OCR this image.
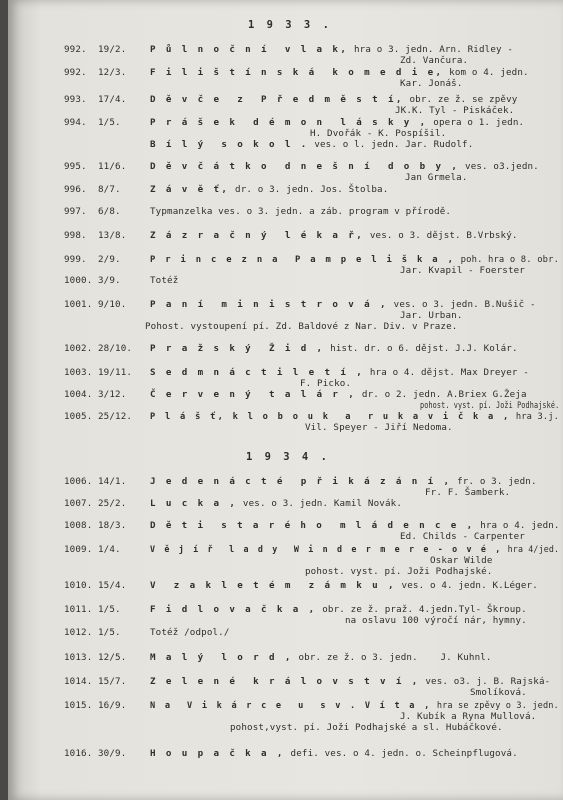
1 9 3 3 .
1 9 3 4 .
992. 19/2.	P ů l n o č n í  v l a k, hra o 3. jedn. Arn. Ridley -
Zd. Vančura.
992. 12/3.	F i l i š t í n s k á  k o m e d i e, kom o 4. jedn.
Kar. Jonáš.
993. 17/4.	D ě v č e  z  P ř e d m ě s t í, obr. ze ž. se zpěvy
JK.K. Tyl - Piskáček.
994. 1/5.	P r á š e k  d é m o n  l á s k y , opera o 1. jedn.
H. Dvořák - K. Pospíšil.
B í l ý  s o k o l . ves. o l. jedn. Jar. Rudolf.
995. 11/6.	D ě v č á t k o  d n e š n í  d o b y , ves. o3.jedn.
Jan Grmela.
996. 8/7.	Z á v ě ť, dr. o 3. jedn. Jos. Štolba.
997. 6/8.	Typmanzelka ves. o 3. jedn. a záb. program v přírodě.
998. 13/8.	Z á z r a č n ý  l é k a ř, ves. o 3. dějst. B.Vrbský.
999. 2/9.	P r i n c e z n a  P a m p e l i š k a , poh. hra o 8. obr.
Jar. Kvapil - Foerster
1000. 3/9.	Totéž
1001. 9/10.	P a n í  m i n i s t r o v á , ves. o 3. jedn. B.Nušič -
Jar. Urban.
Pohost. vystoupení pí. Zd. Baldové z Nar. Div. v Praze.
1002. 28/10. P r a ž s k ý  Ž i d , hist. dr. o 6. dějst. J.J. Kolár.
1003. 19/11. S e d m n á c t i l e t í , hra o 4. dějst. Max Dreyer -
F. Picko.
1004. 3/12.	Č e r v e n ý  t a l á r , dr. o 2. jedn. A.Briex G.Žeja
pohost. vyst. pí. Joži Podhajské.
1005. 25/12. P l á š ť, k l o b o u k  a  r u k a v i č k a , hra 3.j.
Vil. Speyer - Jiří Nedoma.
1006. 14/1.	J e d e n á c t é  p ř i k á z á n í , fr. o 3. jedn.
Fr. F. Šamberk.
1007. 25/2.	L u c k a , ves. o 3. jedn. Kamil Novák.
1008. 18/3.	D ě t i  s t a r é h o  m l á d e n c e , hra o 4. jedn.
Ed. Childs - Carpenter
1009. 1/4.	V ě j í ř  l a d y  W i n d e r m e r e - o v é , hra 4/jed.
Oskar Wilde
pohost. vyst. pí. Joži Podhajské.
1010. 15/4.	V  z a k l e t é m  z á m k u , ves. o 4. jedn. K.Léger.
1011. 1/5.	F i d l o v a č k a , obr. ze ž. praž. 4.jedn.Tyl- Škroup.
na oslavu 100 výročí nár, hymny.
1012. 1/5.	Totéž /odpol./
1013. 12/5.	M a l ý  l o r d , obr. ze ž. o 3. jedn.    J. Kuhnl.
1014. 15/7.	Z e l e n é  k r á l o v s t v í , ves. o3. j. B. Rajská-
Smolíková.
1015. 16/9.	N a  V i k á r c e  u  s v . V í t a , hra se zpěvy o 3. jedn.
J. Kubík a Ryna Mullová.
pohost,vyst. pí. Joži Podhajské a sl. Hubáčkové.
1016. 30/9.	H o u p a č k a , defi. ves. o 4. jedn. o. Scheinpflugová.
